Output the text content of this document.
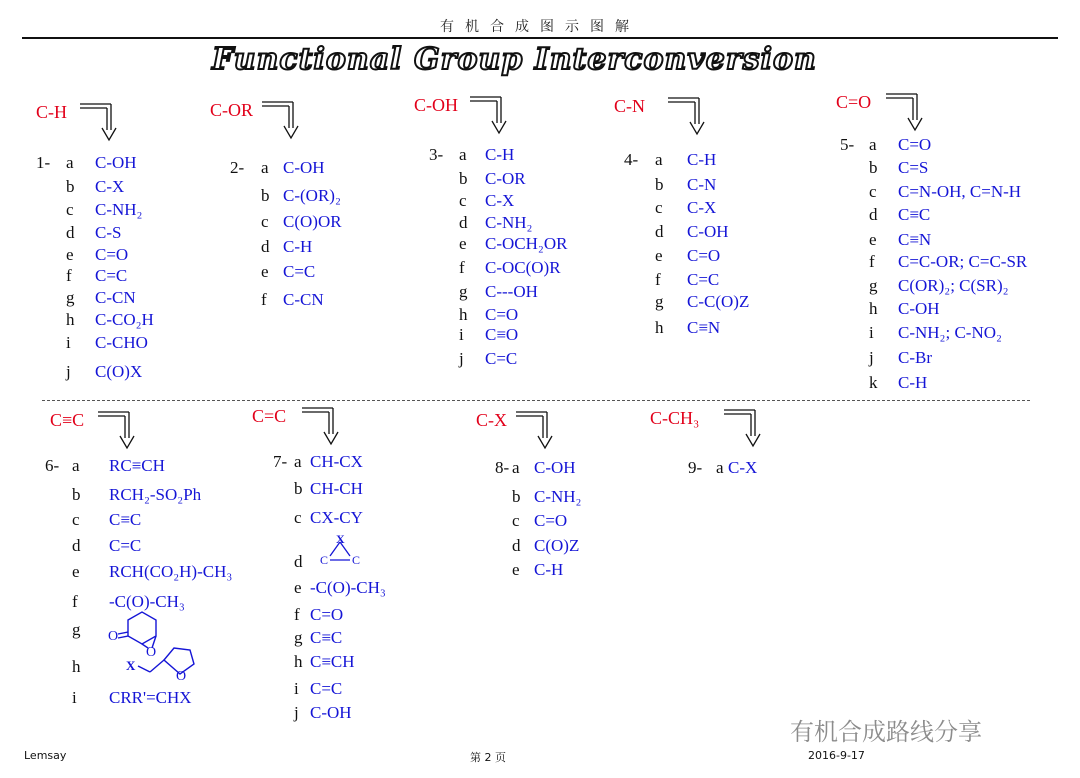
有机合成图示图解
Functional Group Interconversion
C-H
1- a C-OH
b C-X
c C-NH₂
d C-S
e C=O
f C=C
g C-CN
h C-CO₂H
i C-CHO
j C(O)X
C-OR
2- a C-OH
b C-(OR)₂
c C(O)OR
d C-H
e C=C
f C-CN
C-OH
3- a C-H
b C-OR
c C-X
d C-NH₂
e C-OCH₂OR
f C-OC(O)R
g C---OH
h C=O
i C≡O
j C=C
C-N
4- a C-H
b C-N
c C-X
d C-OH
e C=O
f C=C
g C-C(O)Z
h C≡N
C=O
5- a C=O
b C=S
c C=N-OH, C=N-H
d C≡C
e C≡N
f C=C-OR; C=C-SR
g C(OR)₂; C(SR)₂
h C-OH
i C-NH₂; C-NO₂
j C-Br
k C-H
C≡C
6- a RC≡CH
b RCH₂-SO₂Ph
c C≡C
d C=C
e RCH(CO₂H)-CH₃
f -C(O)-CH₃
g
h
i CRR'=CHX
C=C
7- a CH-CX
b CH-CH
c CX-CY
d
e -C(O)-CH₃
f C=O
g C≡C
h C≡CH
i C=C
j C-OH
C-X
8- a C-OH
b C-NH₂
c C=O
d C(O)Z
e C-H
C-CH₃
9- a C-X
O
O
X
O
X
C C
Lemsay	第 2 页	2016-9-17
有机合成路线分享
